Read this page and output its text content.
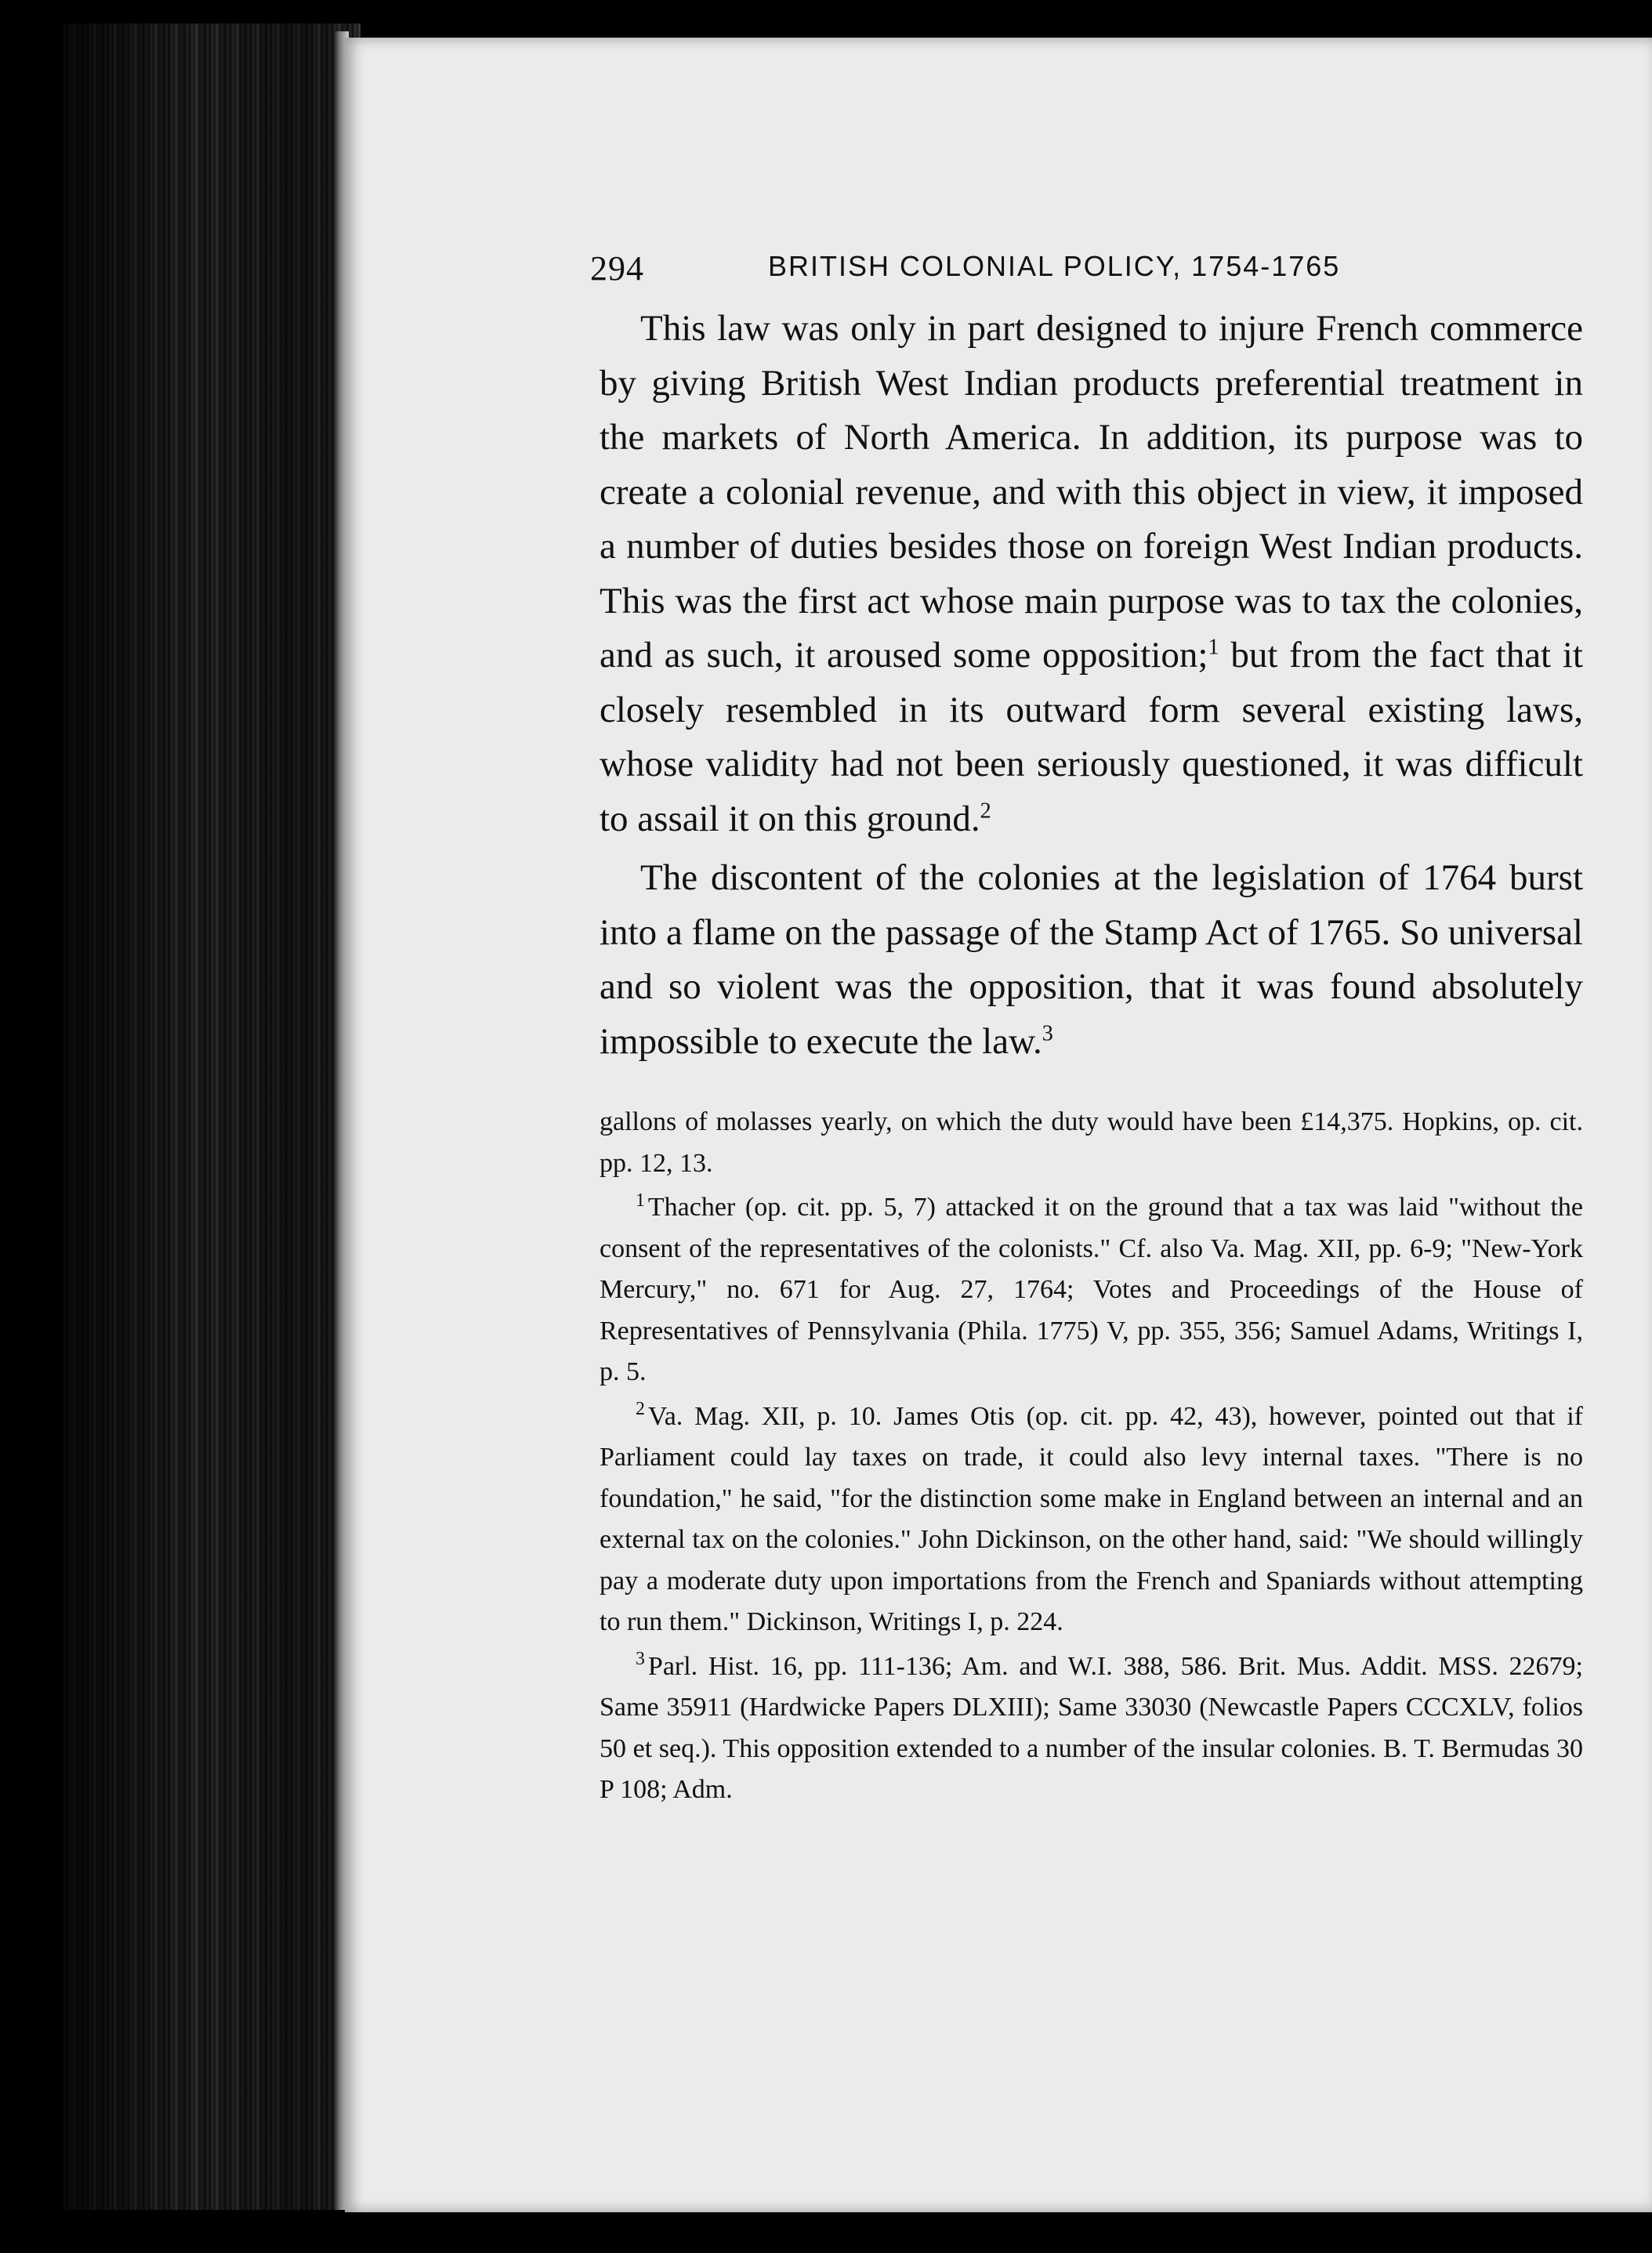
294	BRITISH COLONIAL POLICY, 1754-1765

This law was only in part designed to injure French commerce by giving British West Indian products preferential treatment in the markets of North America. In addition, its purpose was to create a colonial revenue, and with this object in view, it imposed a number of duties besides those on foreign West Indian products. This was the first act whose main purpose was to tax the colonies, and as such, it aroused some opposition;$^1$ but from the fact that it closely resembled in its outward form several existing laws, whose validity had not been seriously questioned, it was difficult to assail it on this ground.$^2$

The discontent of the colonies at the legislation of 1764 burst into a flame on the passage of the Stamp Act of 1765. So universal and so violent was the opposition, that it was found absolutely impossible to execute the law.$^3$

gallons of molasses yearly, on which the duty would have been £14,375. Hopkins, op. cit. pp. 12, 13.

$^1$ Thacher (op. cit. pp. 5, 7) attacked it on the ground that a tax was laid "without the consent of the representatives of the colonists." Cf. also Va. Mag. XII, pp. 6-9; "New-York Mercury," no. 671 for Aug. 27, 1764; Votes and Proceedings of the House of Representatives of Pennsylvania (Phila. 1775) V, pp. 355, 356; Samuel Adams, Writings I, p. 5.

$^2$ Va. Mag. XII, p. 10. James Otis (op. cit. pp. 42, 43), however, pointed out that if Parliament could lay taxes on trade, it could also levy internal taxes. "There is no foundation," he said, "for the distinction some make in England between an internal and an external tax on the colonies." John Dickinson, on the other hand, said: "We should willingly pay a moderate duty upon importations from the French and Spaniards without attempting to run them." Dickinson, Writings I, p. 224.

$^3$ Parl. Hist. 16, pp. 111-136; Am. and W.I. 388, 586. Brit. Mus. Addit. MSS. 22679; Same 35911 (Hardwicke Papers DLXIII); Same 33030 (Newcastle Papers CCCXLV, folios 50 et seq.). This opposition extended to a number of the insular colonies. B. T. Bermudas 30 P 108; Adm.
